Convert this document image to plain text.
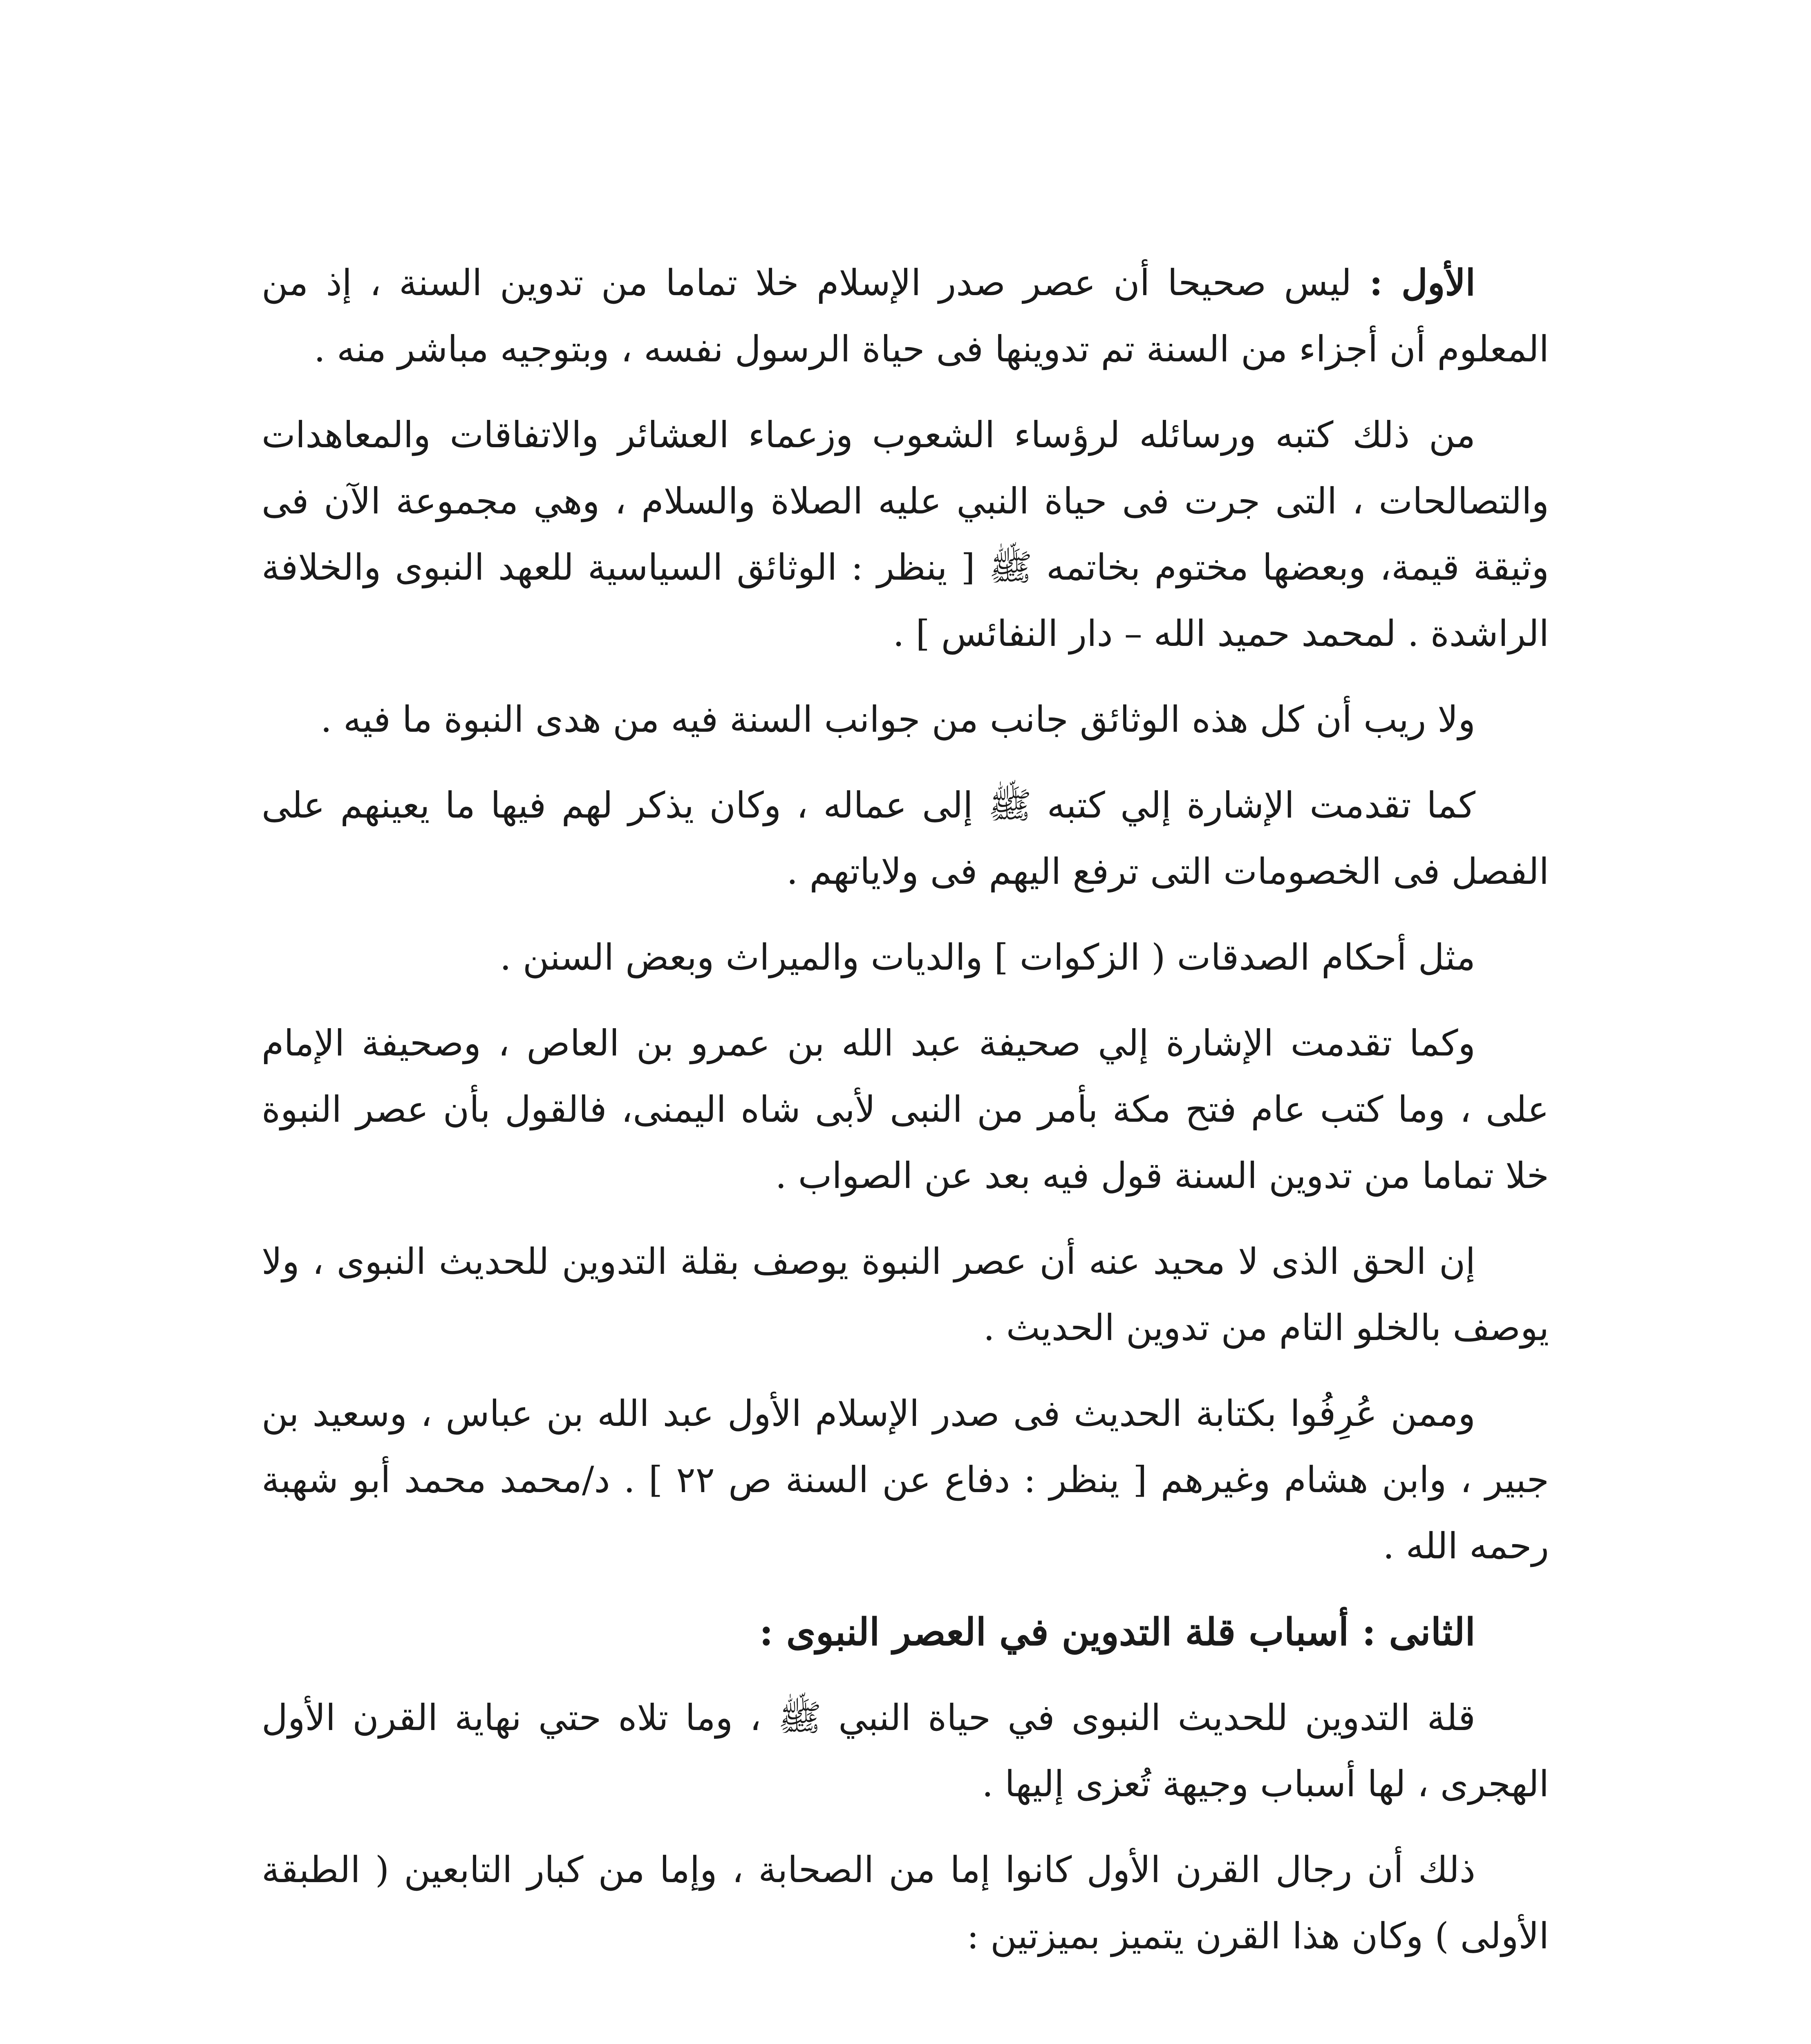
الأول : ليس صحيحا أن عصر صدر الإسلام خلا تماما من تدوين السنة ، إذ من المعلوم أن أجزاء من السنة تم تدوينها فى حياة الرسول نفسه ، وبتوجيه مباشر منه .

من ذلك كتبه ورسائله لرؤساء الشعوب وزعماء العشائر والاتفاقات والمعاهدات والتصالحات ، التى جرت فى حياة النبي عليه الصلاة والسلام ، وهي مجموعة الآن فى وثيقة قيمة، وبعضها مختوم بخاتمه ﷺ [ ينظر : الوثائق السياسية للعهد النبوى والخلافة الراشدة . لمحمد حميد الله – دار النفائس ] .

ولا ريب أن كل هذه الوثائق جانب من جوانب السنة فيه من هدى النبوة ما فيه .

كما تقدمت الإشارة إلي كتبه ﷺ إلى عماله ، وكان يذكر لهم فيها ما يعينهم على الفصل فى الخصومات التى ترفع اليهم فى ولاياتهم .

مثل أحكام الصدقات ( الزكوات ] والديات والميراث وبعض السنن .

وكما تقدمت الإشارة إلي صحيفة عبد الله بن عمرو بن العاص ، وصحيفة الإمام على ، وما كتب عام فتح مكة بأمر من النبى لأبى شاه اليمنى، فالقول بأن عصر النبوة خلا تماما من تدوين السنة قول فيه بعد عن الصواب .

إن الحق الذى لا محيد عنه أن عصر النبوة يوصف بقلة التدوين للحديث النبوى ، ولا يوصف بالخلو التام من تدوين الحديث .

وممن عُرِفُوا بكتابة الحديث فى صدر الإسلام الأول عبد الله بن عباس ، وسعيد بن جبير ، وابن هشام وغيرهم [ ينظر : دفاع عن السنة ص ٢٢ ] . د/محمد محمد أبو شهبة رحمه الله .

الثانى : أسباب قلة التدوين في العصر النبوى :

قلة التدوين للحديث النبوى في حياة النبي ﷺ ، وما تلاه حتي نهاية القرن الأول الهجرى ، لها أسباب وجيهة تُعزى إليها .

ذلك أن رجال القرن الأول كانوا إما من الصحابة ، وإما من كبار التابعين ( الطبقة الأولى ) وكان هذا القرن يتميز بميزتين :
